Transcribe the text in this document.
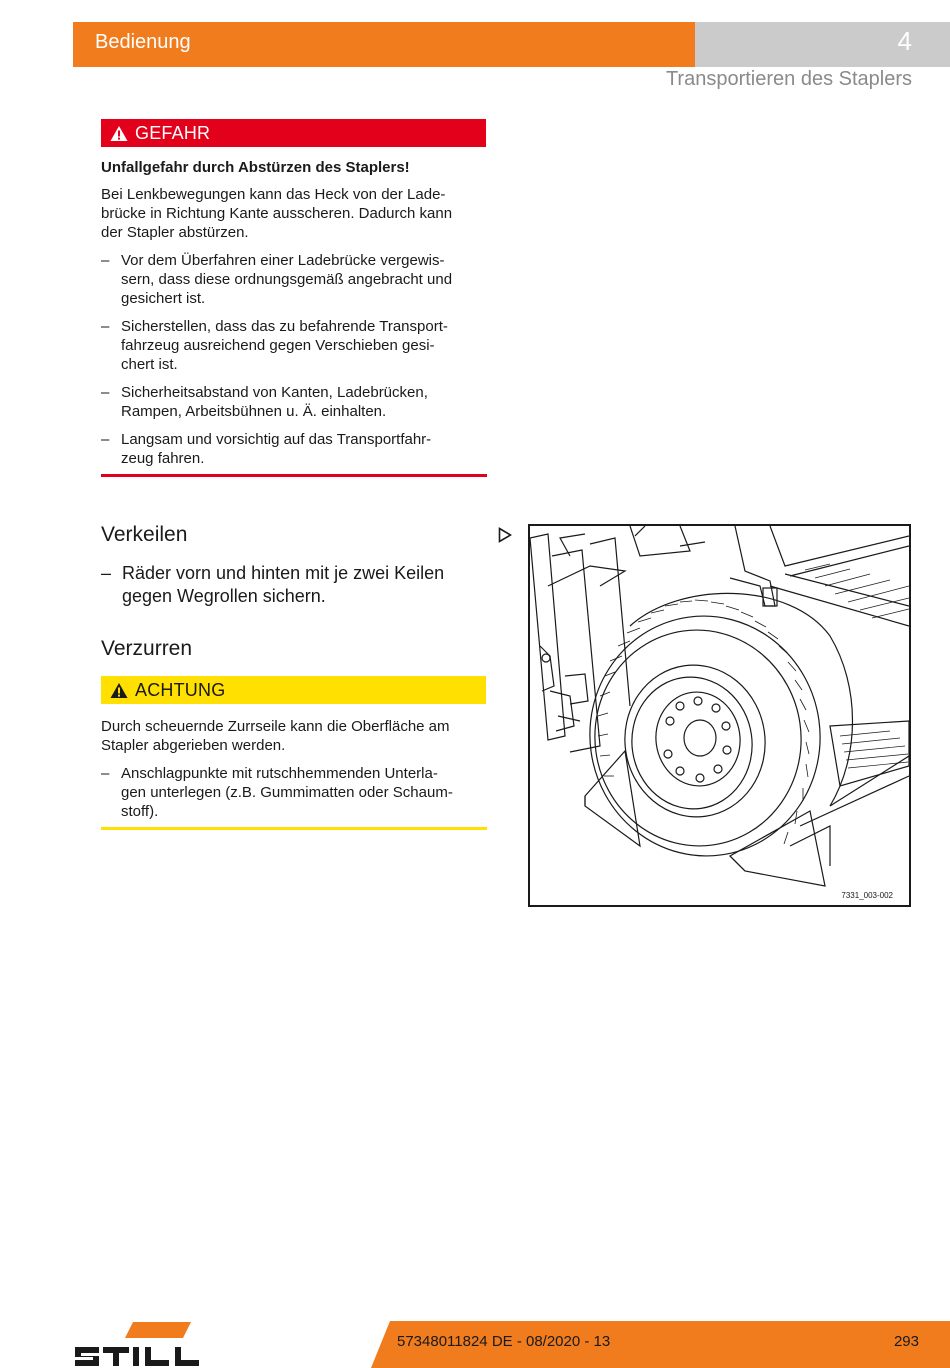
Bedienung	4
Transportieren des Staplers
GEFAHR
Unfallgefahr durch Abstürzen des Staplers!
Bei Lenkbewegungen kann das Heck von der Lade-
brücke in Richtung Kante ausscheren. Dadurch kann
der Stapler abstürzen.
– Vor dem Überfahren einer Ladebrücke vergewis-
sern, dass diese ordnungsgemäß angebracht und
gesichert ist.
– Sicherstellen, dass das zu befahrende Transport-
fahrzeug ausreichend gegen Verschieben gesi-
chert ist.
– Sicherheitsabstand von Kanten, Ladebrücken,
Rampen, Arbeitsbühnen u. Ä. einhalten.
– Langsam und vorsichtig auf das Transportfahr-
zeug fahren.
Verkeilen
– Räder vorn und hinten mit je zwei Keilen
gegen Wegrollen sichern.
Verzurren
ACHTUNG
Durch scheuernde Zurrseile kann die Oberfläche am
Stapler abgerieben werden.
– Anschlagpunkte mit rutschhemmenden Unterla-
gen unterlegen (z.B. Gummimatten oder Schaum-
stoff).
7331_003-002
57348011824 DE - 08/2020 - 13	293
